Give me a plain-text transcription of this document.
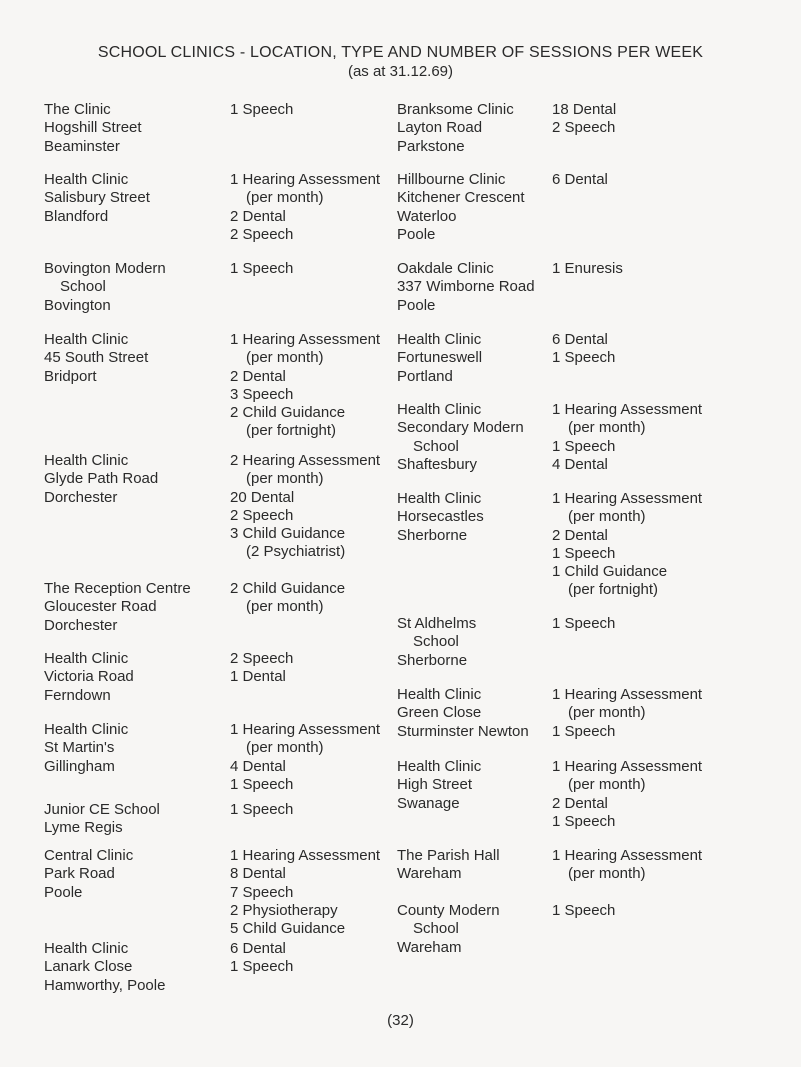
SCHOOL CLINICS - LOCATION, TYPE AND NUMBER OF SESSIONS PER WEEK
(as at 31.12.69)
The Clinic
Hogshill Street
Beaminster
Health Clinic
Salisbury Street
Blandford
Bovington Modern
School
Bovington
Health Clinic
45 South Street
Bridport
Health Clinic
Glyde Path Road
Dorchester
The Reception Centre
Gloucester Road
Dorchester
Health Clinic
Victoria Road
Ferndown
Health Clinic
St Martin's
Gillingham
Junior CE School
Lyme Regis
Central Clinic
Park Road
Poole
Health Clinic
Lanark Close
Hamworthy, Poole
1 Speech
1 Hearing Assessment
(per month)
2 Dental
2 Speech
1 Speech
1 Hearing Assessment
(per month)
2 Dental
3 Speech
2 Child Guidance
(per fortnight)
2 Hearing Assessment
(per month)
20 Dental
2 Speech
3 Child Guidance
(2 Psychiatrist)
2 Child Guidance
(per month)
2 Speech
1 Dental
1 Hearing Assessment
(per month)
4 Dental
1 Speech
1 Speech
1 Hearing Assessment
8 Dental
7 Speech
2 Physiotherapy
5 Child Guidance
6 Dental
1 Speech
Branksome Clinic
Layton Road
Parkstone
Hillbourne Clinic
Kitchener Crescent
Waterloo
Poole
Oakdale Clinic
337 Wimborne Road
Poole
Health Clinic
Fortuneswell
Portland
Health Clinic
Secondary Modern
School
Shaftesbury
Health Clinic
Horsecastles
Sherborne
St Aldhelms
School
Sherborne
Health Clinic
Green Close
Sturminster Newton
Health Clinic
High Street
Swanage
The Parish Hall
Wareham
County Modern
School
Wareham
18 Dental
2 Speech
6 Dental
1 Enuresis
6 Dental
1 Speech
1 Hearing Assessment
(per month)
1 Speech
4 Dental
1 Hearing Assessment
(per month)
2 Dental
1 Speech
1 Child Guidance
(per fortnight)
1 Speech
1 Hearing Assessment
(per month)
1 Speech
1 Hearing Assessment
(per month)
2 Dental
1 Speech
1 Hearing Assessment
(per month)
1 Speech
(32)
